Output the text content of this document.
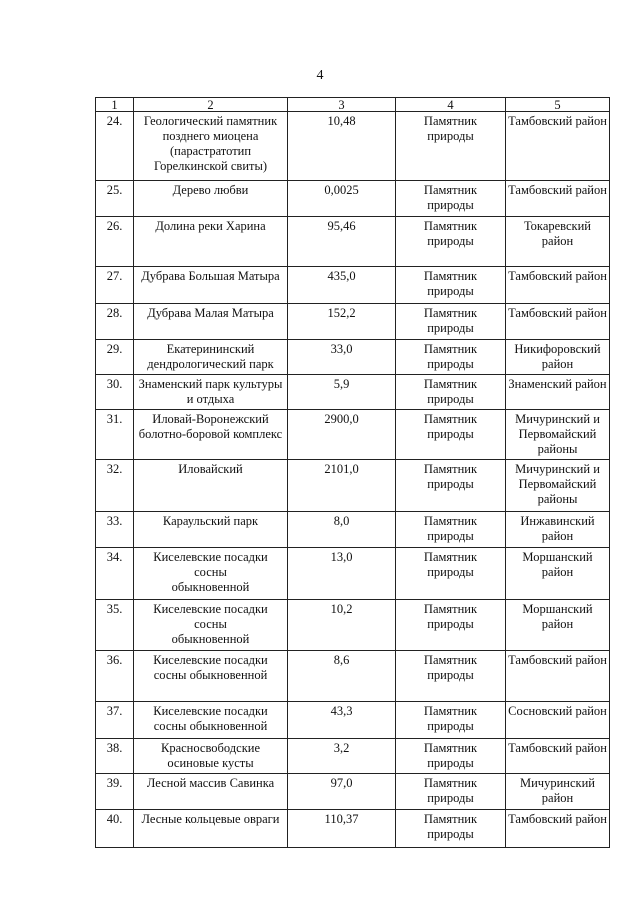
4
1	2	3	4	5

24.	Геологический памятник
позднего миоцена
(парастратотип
Горелкинской свиты)	10,48	Памятник
природы	Тамбовский район

25.	Дерево любви	0,0025	Памятник
природы	Тамбовский район

26.	Долина реки Харина	95,46	Памятник
природы	Токаревский район

27.	Дубрава Большая Матыра	435,0	Памятник
природы	Тамбовский район

28.	Дубрава Малая Матыра	152,2	Памятник
природы	Тамбовский район

29.	Екатерининский
дендрологический парк	33,0	Памятник
природы	Никифоровский
район

30.	Знаменский парк культуры
и отдыха	5,9	Памятник
природы	Знаменский район

31.	Иловай-Воронежский
болотно-боровой комплекс	2900,0	Памятник
природы	Мичуринский и
Первомайский
районы

32.	Иловайский	2101,0	Памятник
природы	Мичуринский и
Первомайский
районы

33.	Караульский парк	8,0	Памятник
природы	Инжавинский район

34.	Киселевские посадки
сосны
обыкновенной	13,0	Памятник
природы	Моршанский район

35.	Киселевские посадки
сосны
обыкновенной	10,2	Памятник
природы	Моршанский район

36.	Киселевские посадки
сосны обыкновенной	8,6	Памятник
природы	Тамбовский район

37.	Киселевские посадки
сосны обыкновенной	43,3	Памятник
природы	Сосновский район

38.	Красносвободские
осиновые кусты	3,2	Памятник
природы	Тамбовский район

39.	Лесной массив Савинка	97,0	Памятник
природы	Мичуринский район

40.	Лесные кольцевые овраги	110,37	Памятник
природы	Тамбовский район
